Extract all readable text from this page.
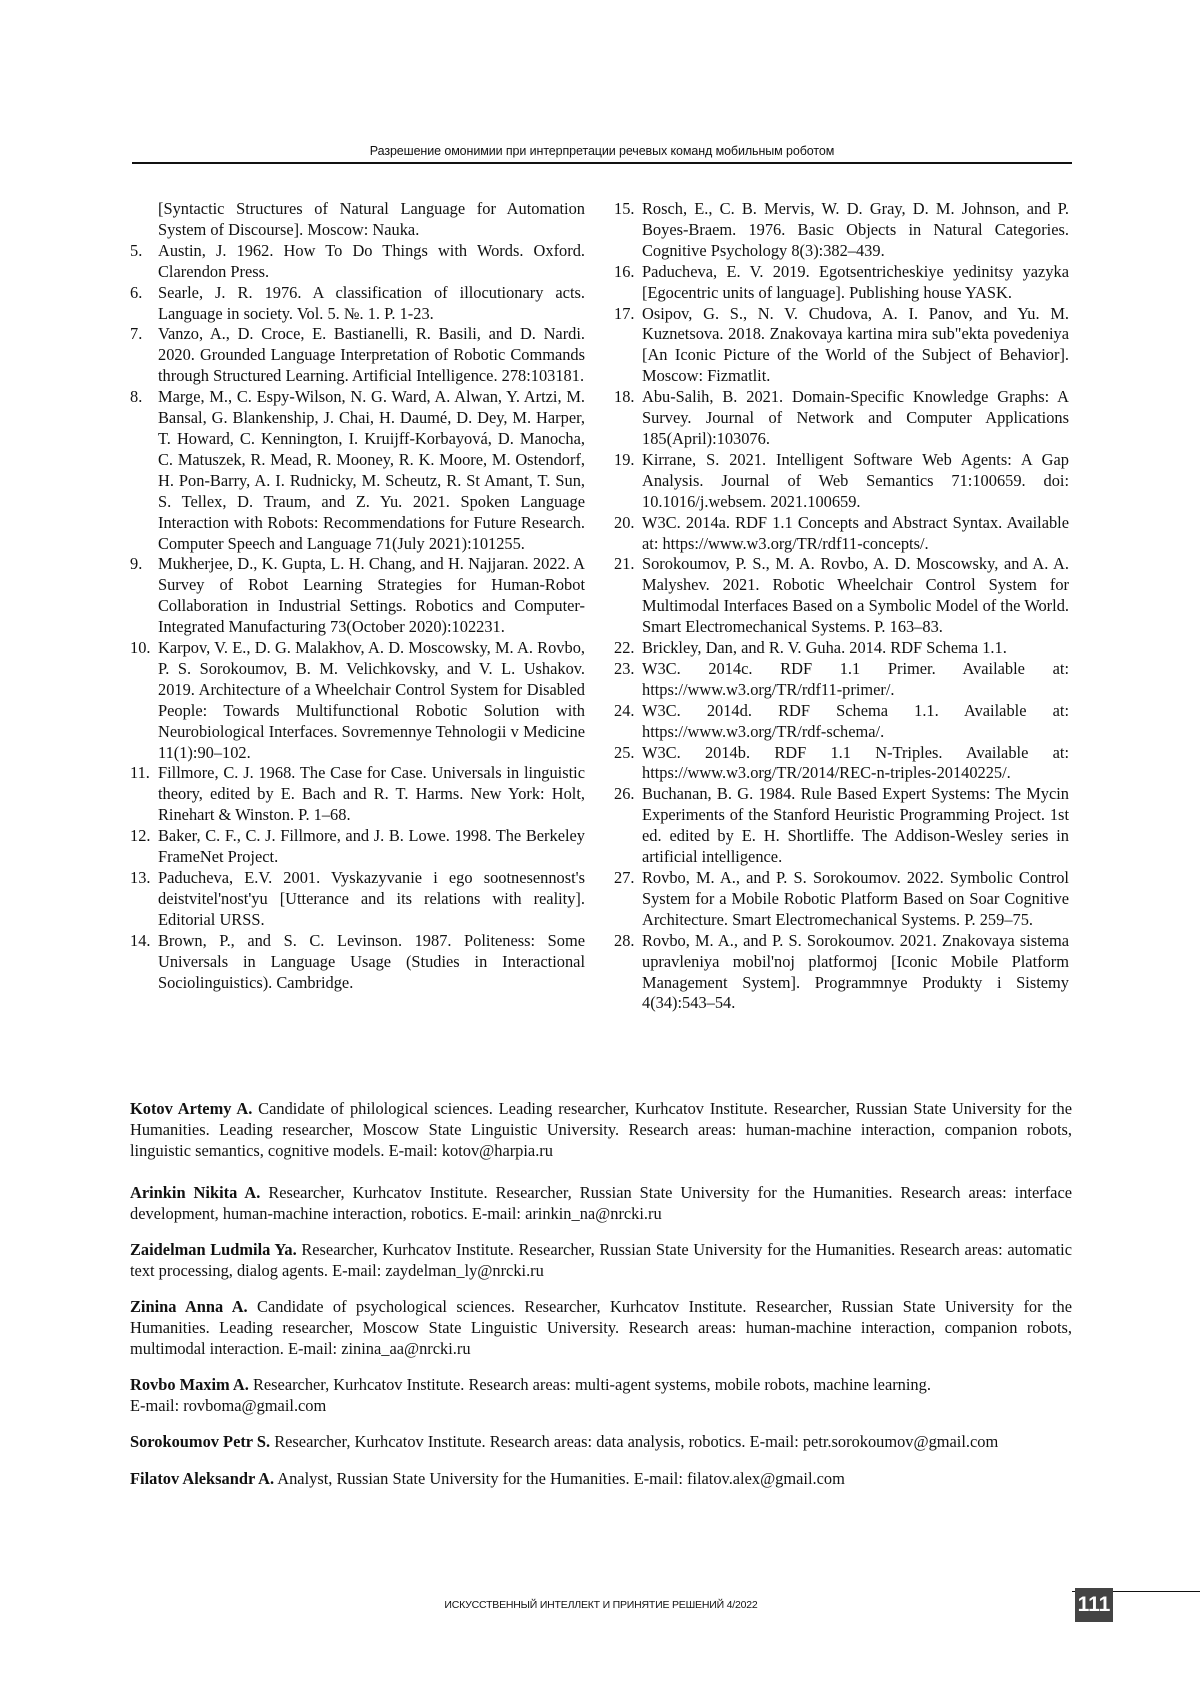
Разрешение омонимии при интерпретации речевых команд мобильным роботом
[Syntactic Structures of Natural Language for Automation System of Discourse]. Moscow: Nauka.
5. Austin, J. 1962. How To Do Things with Words. Oxford. Clarendon Press.
6. Searle, J. R. 1976. A classification of illocutionary acts. Language in society. Vol. 5. №. 1. P. 1-23.
7. Vanzo, A., D. Croce, E. Bastianelli, R. Basili, and D. Nardi. 2020. Grounded Language Interpretation of Robotic Commands through Structured Learning. Artificial Intelligence. 278:103181.
8. Marge, M., C. Espy-Wilson, N. G. Ward, A. Alwan, Y. Artzi, M. Bansal, G. Blankenship, J. Chai, H. Daumé, D. Dey, M. Harper, T. Howard, C. Kennington, I. Kruijff-Korbayová, D. Manocha, C. Matuszek, R. Mead, R. Mooney, R. K. Moore, M. Ostendorf, H. Pon-Barry, A. I. Rudnicky, M. Scheutz, R. St Amant, T. Sun, S. Tellex, D. Traum, and Z. Yu. 2021. Spoken Language Interaction with Robots: Recommendations for Future Research. Computer Speech and Language 71(July 2021):101255.
9. Mukherjee, D., K. Gupta, L. H. Chang, and H. Najjaran. 2022. A Survey of Robot Learning Strategies for Human-Robot Collaboration in Industrial Settings. Robotics and Computer-Integrated Manufacturing 73(October 2020):102231.
10. Karpov, V. E., D. G. Malakhov, A. D. Moscowsky, M. A. Rovbo, P. S. Sorokoumov, B. M. Velichkovsky, and V. L. Ushakov. 2019. Architecture of a Wheelchair Control System for Disabled People: Towards Multifunctional Robotic Solution with Neurobiological Interfaces. Sovremennye Tehnologii v Medicine 11(1):90–102.
11. Fillmore, C. J. 1968. The Case for Case. Universals in linguistic theory, edited by E. Bach and R. T. Harms. New York: Holt, Rinehart & Winston. P. 1–68.
12. Baker, C. F., C. J. Fillmore, and J. B. Lowe. 1998. The Berkeley FrameNet Project.
13. Paducheva, E.V. 2001. Vyskazyvanie i ego sootnesennost's deistvitel'nost'yu [Utterance and its relations with reality]. Editorial URSS.
14. Brown, P., and S. C. Levinson. 1987. Politeness: Some Universals in Language Usage (Studies in Interactional Sociolinguistics). Cambridge.
15. Rosch, E., C. B. Mervis, W. D. Gray, D. M. Johnson, and P. Boyes-Braem. 1976. Basic Objects in Natural Categories. Cognitive Psychology 8(3):382–439.
16. Paducheva, E. V. 2019. Egotsentricheskiye yedinitsy yazyka [Egocentric units of language]. Publishing house YASK.
17. Osipov, G. S., N. V. Chudova, A. I. Panov, and Yu. M. Kuznetsova. 2018. Znakovaya kartina mira sub"ekta povedeniya [An Iconic Picture of the World of the Subject of Behavior]. Moscow: Fizmatlit.
18. Abu-Salih, B. 2021. Domain-Specific Knowledge Graphs: A Survey. Journal of Network and Computer Applications 185(April):103076.
19. Kirrane, S. 2021. Intelligent Software Web Agents: A Gap Analysis. Journal of Web Semantics 71:100659. doi: 10.1016/j.websem. 2021.100659.
20. W3C. 2014a. RDF 1.1 Concepts and Abstract Syntax. Available at: https://www.w3.org/TR/rdf11-concepts/.
21. Sorokoumov, P. S., M. A. Rovbo, A. D. Moscowsky, and A. A. Malyshev. 2021. Robotic Wheelchair Control System for Multimodal Interfaces Based on a Symbolic Model of the World. Smart Electromechanical Systems. P. 163–83.
22. Brickley, Dan, and R. V. Guha. 2014. RDF Schema 1.1.
23. W3C. 2014c. RDF 1.1 Primer. Available at: https://www.w3.org/TR/rdf11-primer/.
24. W3C. 2014d. RDF Schema 1.1. Available at: https://www.w3.org/TR/rdf-schema/.
25. W3C. 2014b. RDF 1.1 N-Triples. Available at: https://www.w3.org/TR/2014/REC-n-triples-20140225/.
26. Buchanan, B. G. 1984. Rule Based Expert Systems: The Mycin Experiments of the Stanford Heuristic Programming Project. 1st ed. edited by E. H. Shortliffe. The Addison-Wesley series in artificial intelligence.
27. Rovbo, M. A., and P. S. Sorokoumov. 2022. Symbolic Control System for a Mobile Robotic Platform Based on Soar Cognitive Architecture. Smart Electromechanical Systems. P. 259–75.
28. Rovbo, M. A., and P. S. Sorokoumov. 2021. Znakovaya sistema upravleniya mobil'noj platformoj [Iconic Mobile Platform Management System]. Programmnye Produkty i Sistemy 4(34):543–54.
Kotov Artemy A. Candidate of philological sciences. Leading researcher, Kurhcatov Institute. Researcher, Russian State University for the Humanities. Leading researcher, Moscow State Linguistic University. Research areas: human-machine interaction, companion robots, linguistic semantics, cognitive models. E-mail: kotov@harpia.ru
Arinkin Nikita A. Researcher, Kurhcatov Institute. Researcher, Russian State University for the Humanities. Research areas: interface development, human-machine interaction, robotics. E-mail: arinkin_na@nrcki.ru
Zaidelman Ludmila Ya. Researcher, Kurhcatov Institute. Researcher, Russian State University for the Humanities. Research areas: automatic text processing, dialog agents. E-mail: zaydelman_ly@nrcki.ru
Zinina Anna A. Candidate of psychological sciences. Researcher, Kurhcatov Institute. Researcher, Russian State University for the Humanities. Leading researcher, Moscow State Linguistic University. Research areas: human-machine interaction, companion robots, multimodal interaction. E-mail: zinina_aa@nrcki.ru
Rovbo Maxim A. Researcher, Kurhcatov Institute. Research areas: multi-agent systems, mobile robots, machine learning.
E-mail: rovboma@gmail.com
Sorokoumov Petr S. Researcher, Kurhcatov Institute. Research areas: data analysis, robotics. E-mail: petr.sorokoumov@gmail.com
Filatov Aleksandr A. Analyst, Russian State University for the Humanities. E-mail: filatov.alex@gmail.com
ИСКУССТВЕННЫЙ ИНТЕЛЛЕКТ И ПРИНЯТИЕ РЕШЕНИЙ 4/2022	111
